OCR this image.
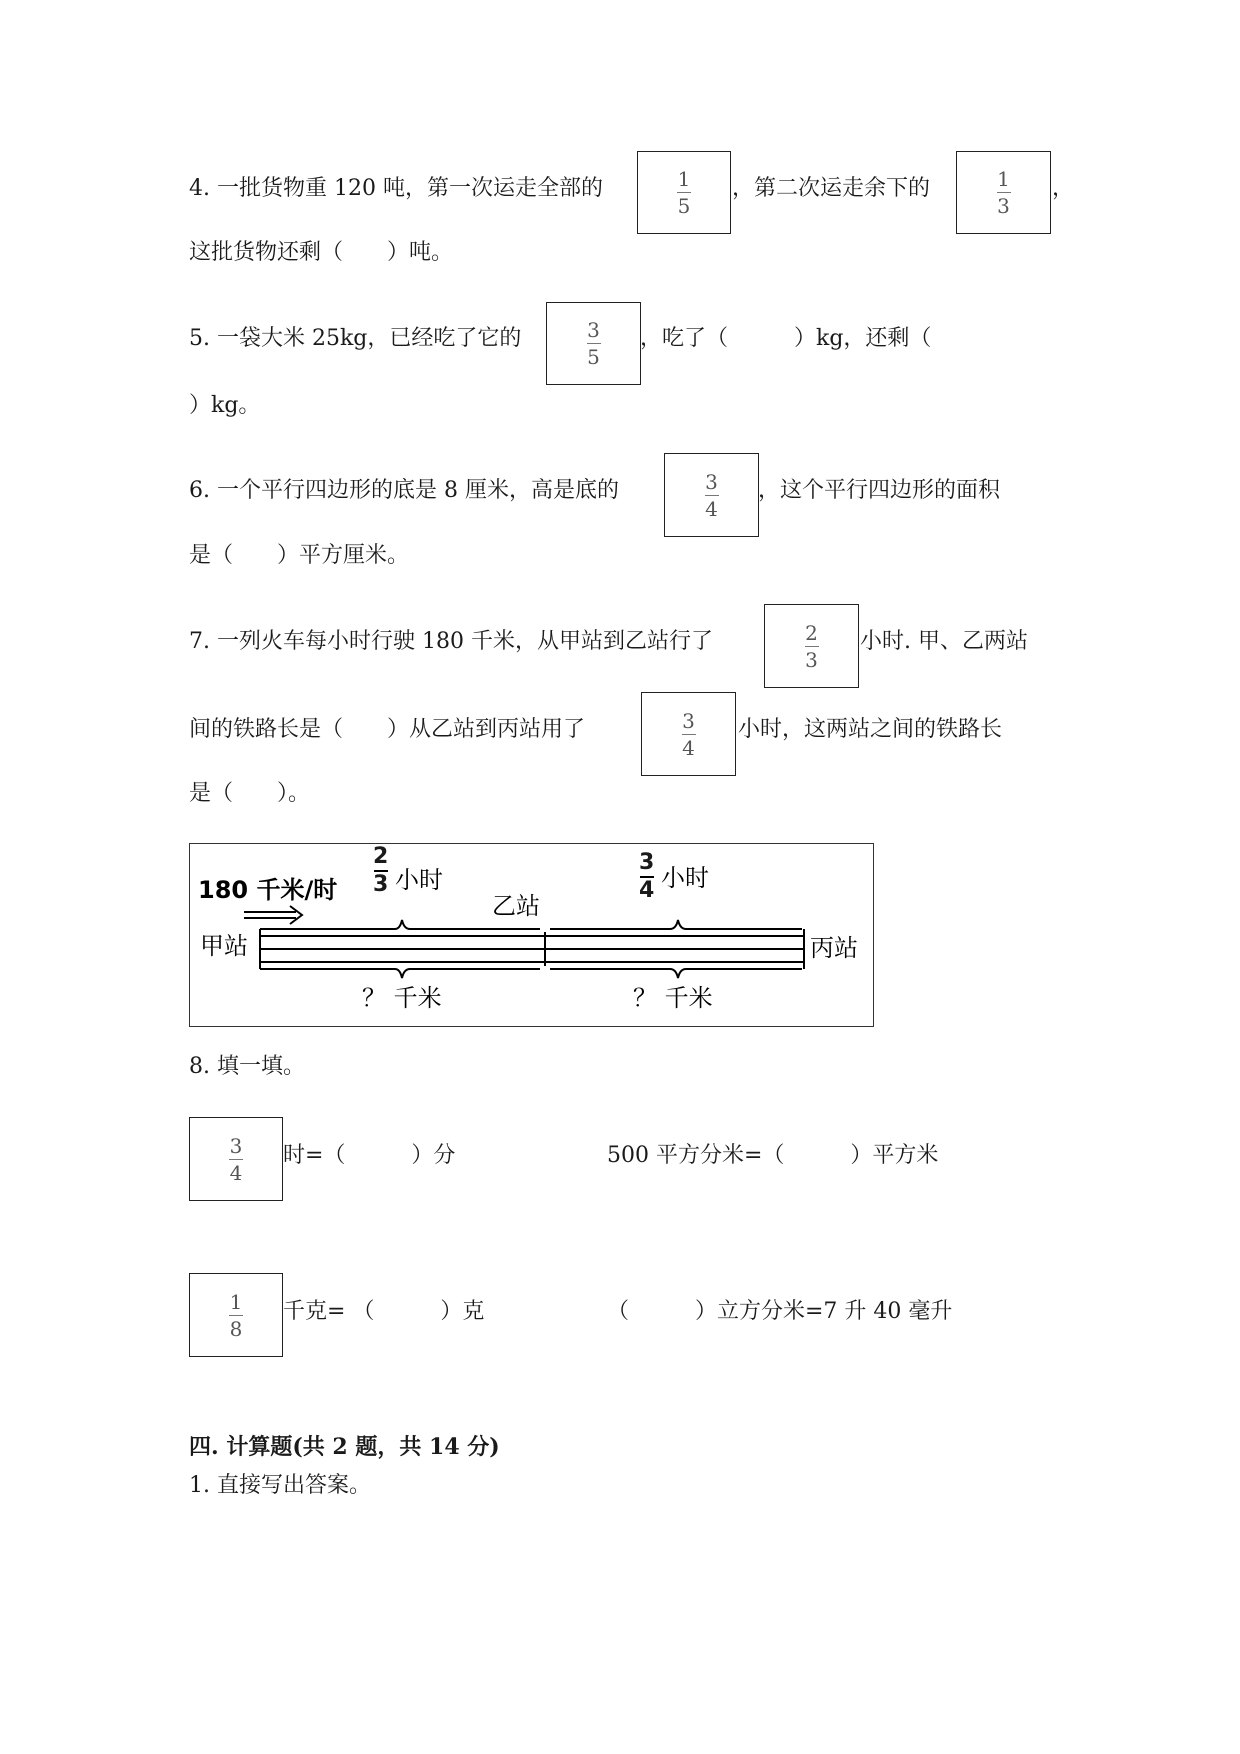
4. 一批货物重 120 吨，第一次运走全部的	1
5
，第二次运走余下的	1
3
，
这批货物还剩（　　）吨。
5. 一袋大米 25kg，已经吃了它的	3
5
，吃了（　　　）kg，还剩（
）kg。
6. 一个平行四边形的底是 8 厘米，高是底的	3
4
，这个平行四边形的面积
是（　　）平方厘米。
7. 一列火车每小时行驶 180 千米，从甲站到乙站行了	2
3
小时. 甲、乙两站
间的铁路长是（　　）从乙站到丙站用了	3
4
小时，这两站之间的铁路长
是（　　）。
180 千米/时
2
3 小时
3
4 小时
甲站
乙站
丙站
？ 千米	？ 千米
8. 填一填。
3
4
时=（　　　）分	500 平方分米=（　　　）平方米
1
8
千克= （　　　）克	（　　　）立方分米=7 升 40 毫升
四. 计算题(共 2 题，共 14 分)
1. 直接写出答案。
